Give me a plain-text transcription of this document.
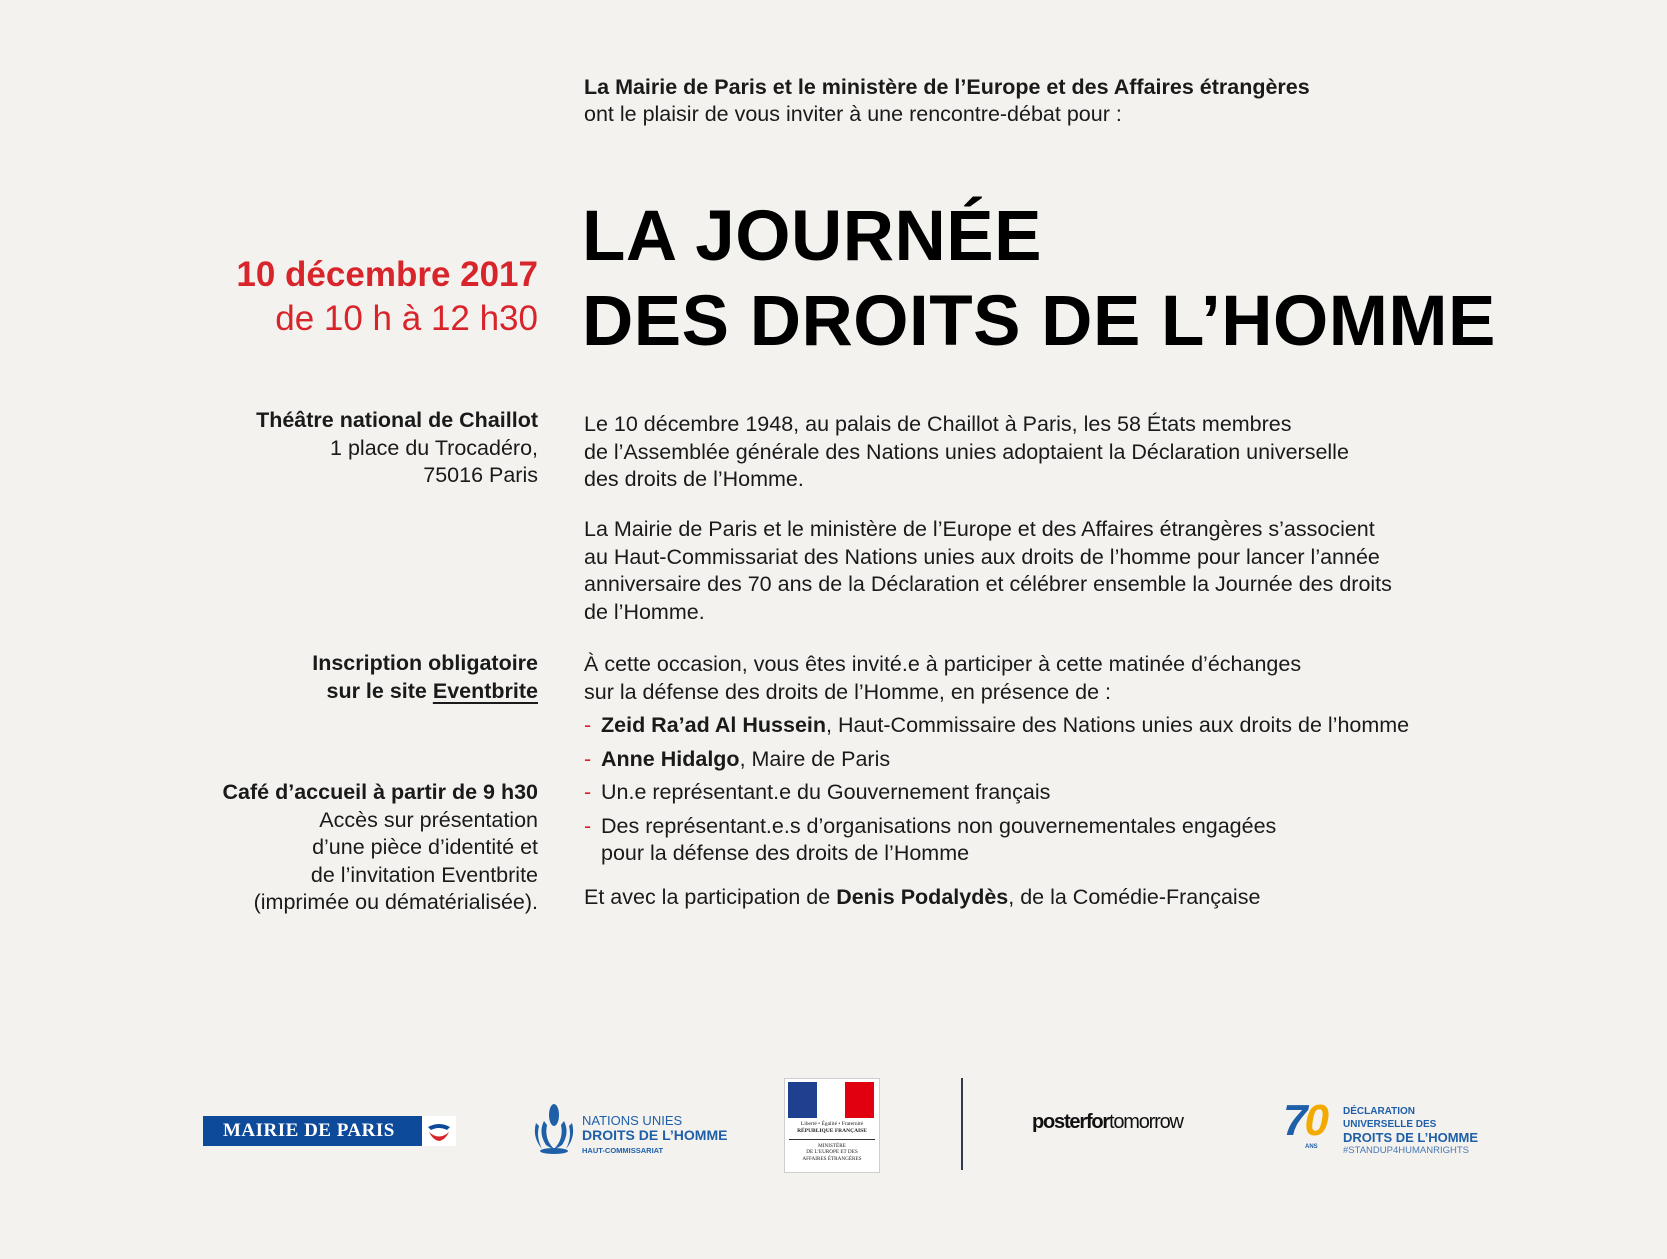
La Mairie de Paris et le ministère de l’Europe et des Affaires étrangères
ont le plaisir de vous inviter à une rencontre-débat pour :
LA JOURNÉE
DES DROITS DE L’HOMME
10 décembre 2017
de 10 h à 12 h30
Théâtre national de Chaillot
1 place du Trocadéro,
75016 Paris
Inscription obligatoire
sur le site Eventbrite
Café d’accueil à partir de 9 h30
Accès sur présentation
d’une pièce d’identité et
de l’invitation Eventbrite
(imprimée ou dématérialisée).
Le 10 décembre 1948, au palais de Chaillot à Paris, les 58 États membres
de l’Assemblée générale des Nations unies adoptaient la Déclaration universelle
des droits de l’Homme.
La Mairie de Paris et le ministère de l’Europe et des Affaires étrangères s’associent
au Haut-Commissariat des Nations unies aux droits de l’homme pour lancer l’année
anniversaire des 70 ans de la Déclaration et célébrer ensemble la Journée des droits
de l’Homme.
À cette occasion, vous êtes invité.e à participer à cette matinée d’échanges
sur la défense des droits de l’Homme, en présence de :
- Zeid Ra’ad Al Hussein, Haut-Commissaire des Nations unies aux droits de l’homme
- Anne Hidalgo, Maire de Paris
- Un.e représentant.e du Gouvernement français
- Des représentant.e.s d’organisations non gouvernementales engagées
pour la défense des droits de l’Homme
Et avec la participation de Denis Podalydès, de la Comédie-Française
MAIRIE DE PARIS	NATIONS UNIES
DROITS DE L’HOMME
HAUT-COMMISSARIAT
Liberté • Égalité • Fraternité
RÉPUBLIQUE FRANÇAISE
MINISTÈRE
DE L’EUROPE ET DES
AFFAIRES ÉTRANGÈRES
posterfortomorrow 70
ANS
DÉCLARATION UNIVERSELLE DES
DROITS DE L’HOMME
#STANDUP4HUMANRIGHTS
